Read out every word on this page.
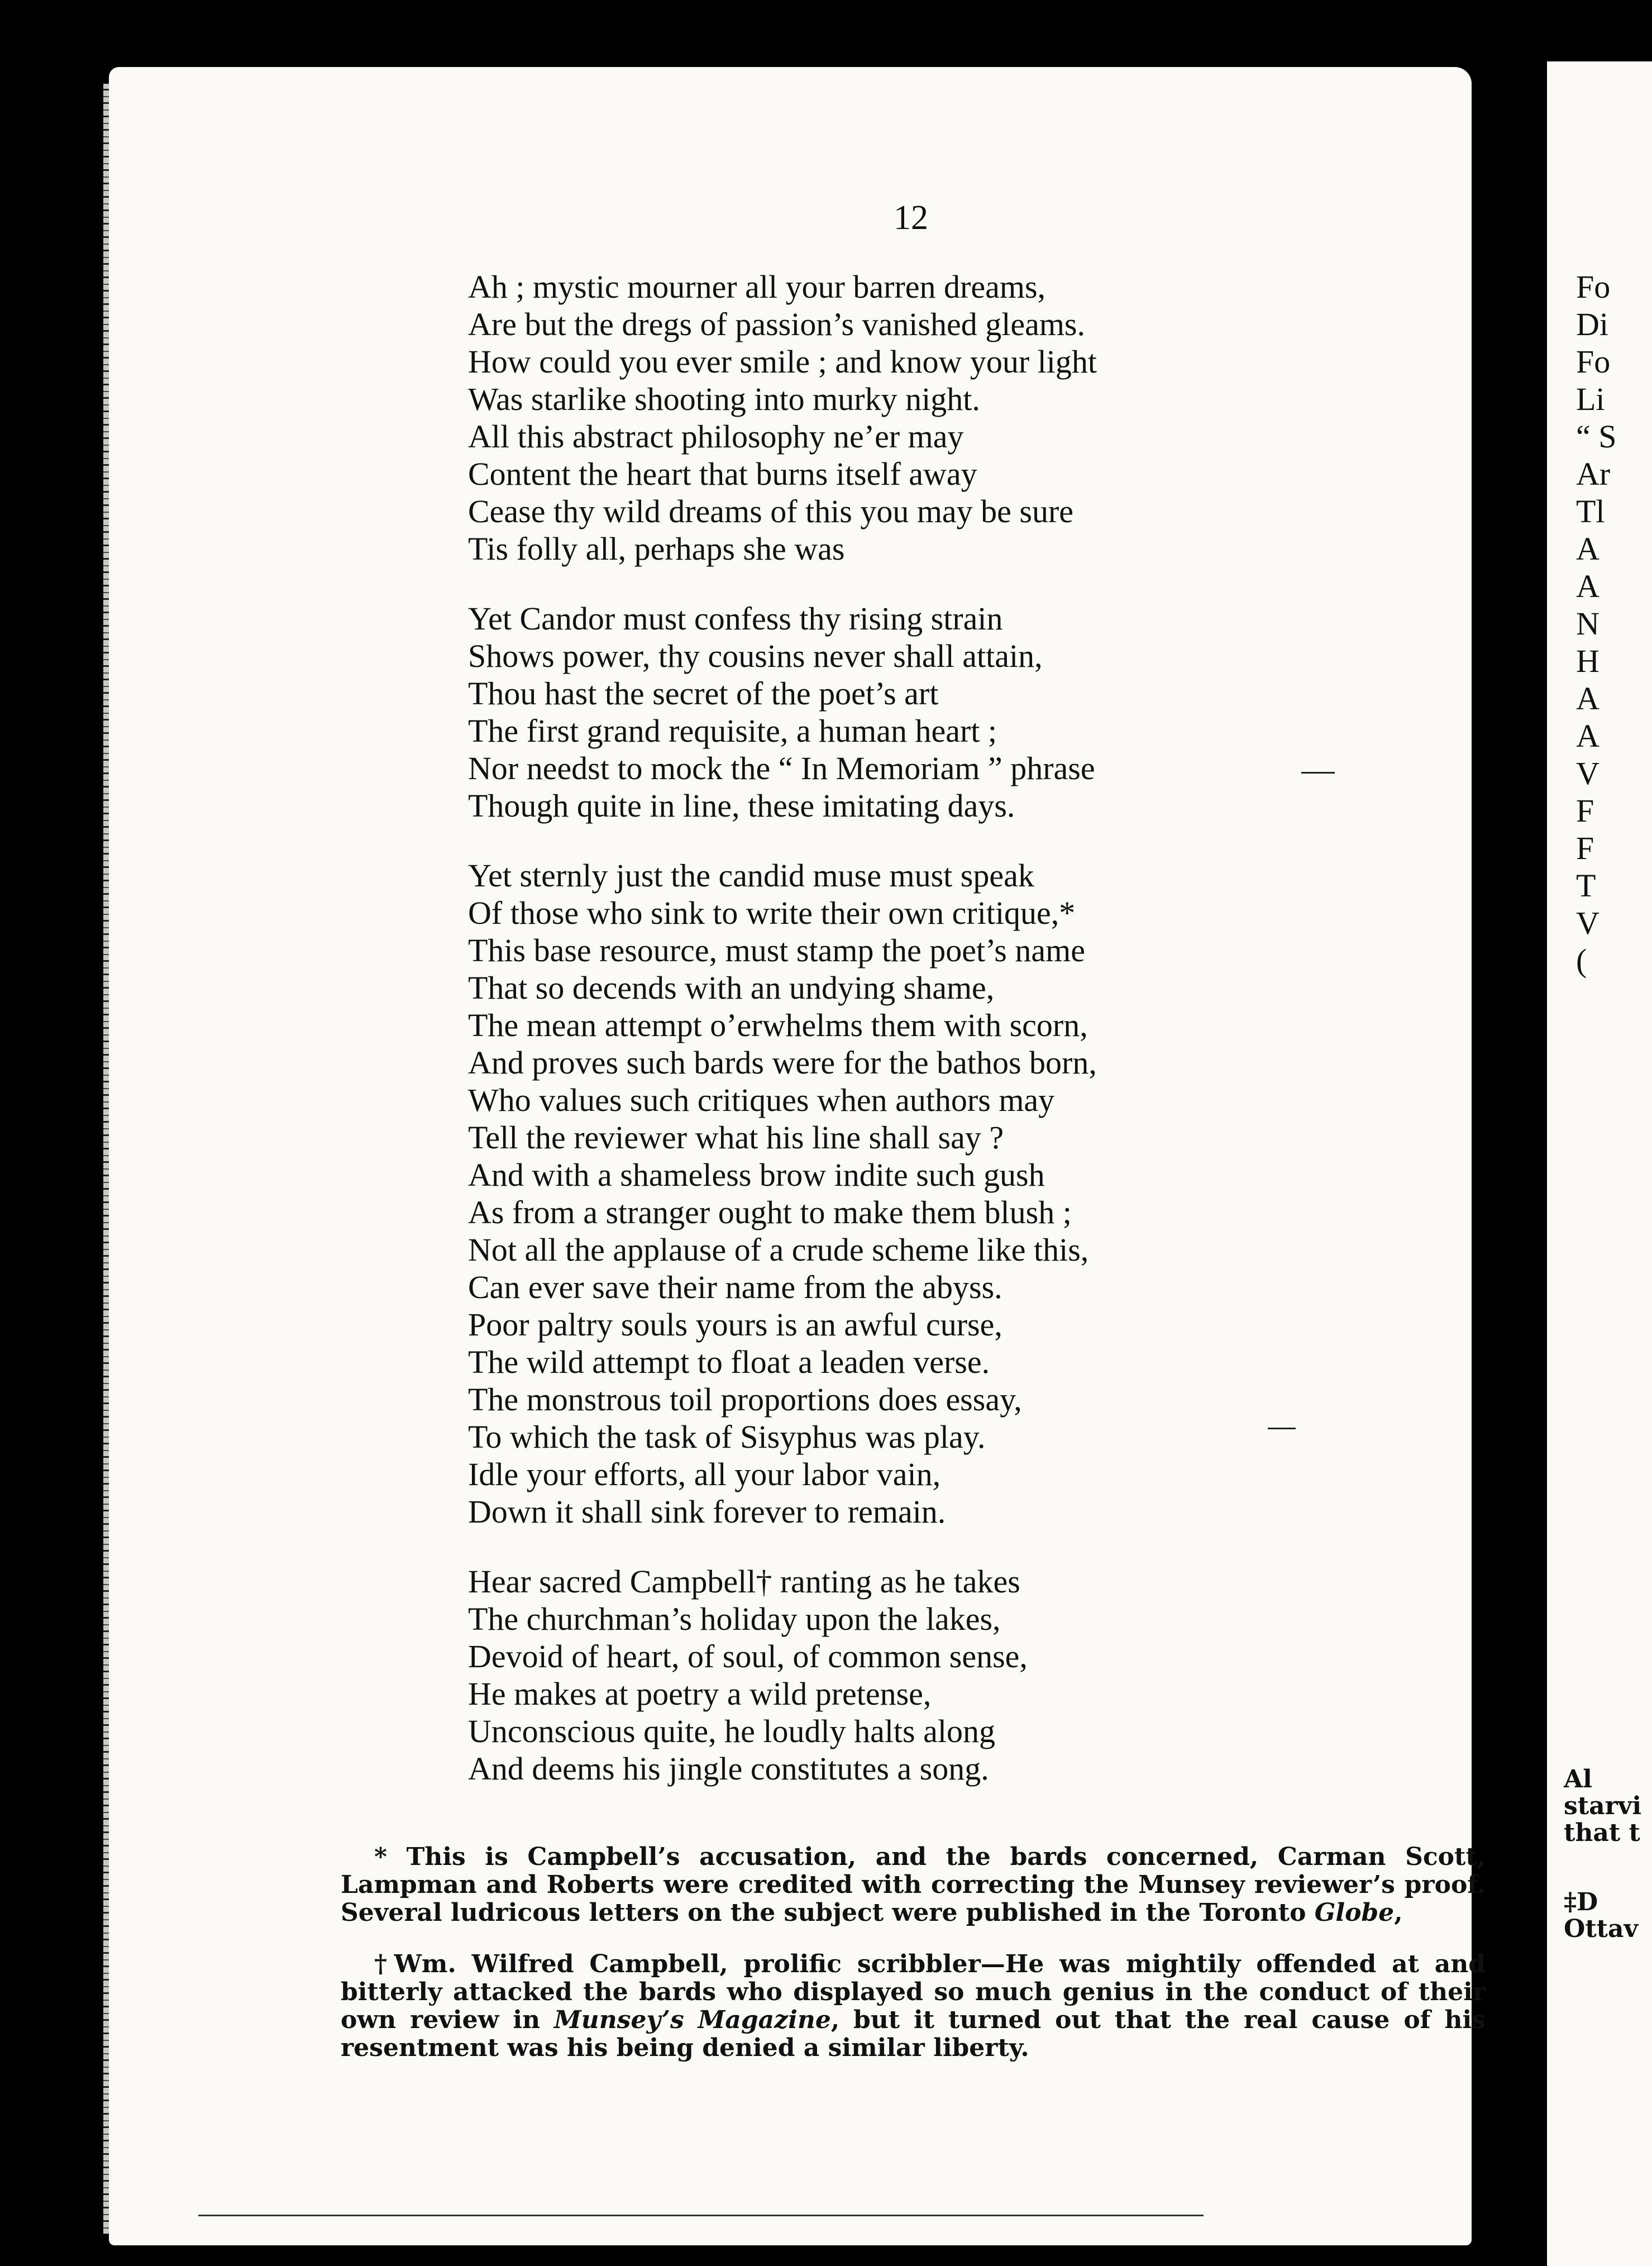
Fo
Di
Fo
Li
“ S
Ar
Tl
A
A
N
H
A
A
V
F
F
T
V
(
Al
starvi
that t
‡D
Ottav
12
Ah ; mystic mourner all your barren dreams,
Are but the dregs of passion’s vanished gleams.
How could you ever smile ; and know your light
Was starlike shooting into murky night.
All this abstract philosophy ne’er may
Content the heart that burns itself away
Cease thy wild dreams of this you may be sure
Tis folly all, perhaps she was
Yet Candor must confess thy rising strain
Shows power, thy cousins never shall attain,
Thou hast the secret of the poet’s art
The first grand requisite, a human heart ;
Nor needst to mock the “ In Memoriam ” phrase
Though quite in line, these imitating days.
Yet sternly just the candid muse must speak
Of those who sink to write their own critique,*
This base resource, must stamp the poet’s name
That so decends with an undying shame,
The mean attempt o’erwhelms them with scorn,
And proves such bards were for the bathos born,
Who values such critiques when authors may
Tell the reviewer what his line shall say ?
And with a shameless brow indite such gush
As from a stranger ought to make them blush ;
Not all the applause of a crude scheme like this,
Can ever save their name from the abyss.
Poor paltry souls yours is an awful curse,
The wild attempt to float a leaden verse.
The monstrous toil proportions does essay,
To which the task of Sisyphus was play.
Idle your efforts, all your labor vain,
Down it shall sink forever to remain.
Hear sacred Campbell† ranting as he takes
The churchman’s holiday upon the lakes,
Devoid of heart, of soul, of common sense,
He makes at poetry a wild pretense,
Unconscious quite, he loudly halts along
And deems his jingle constitutes a song.
* This is Campbell’s accusation, and the bards concerned, Carman Scott, Lampman and Roberts were credited with correcting the Munsey reviewer’s proof. Several ludricous letters on the subject were published in the Toronto Globe,
†Wm. Wilfred Campbell, prolific scribbler—He was mightily offended at and bitterly attacked the bards who displayed so much genius in the conduct of their own review in Munsey’s Magazine, but it turned out that the real cause of his resentment was his being denied a similar liberty.
